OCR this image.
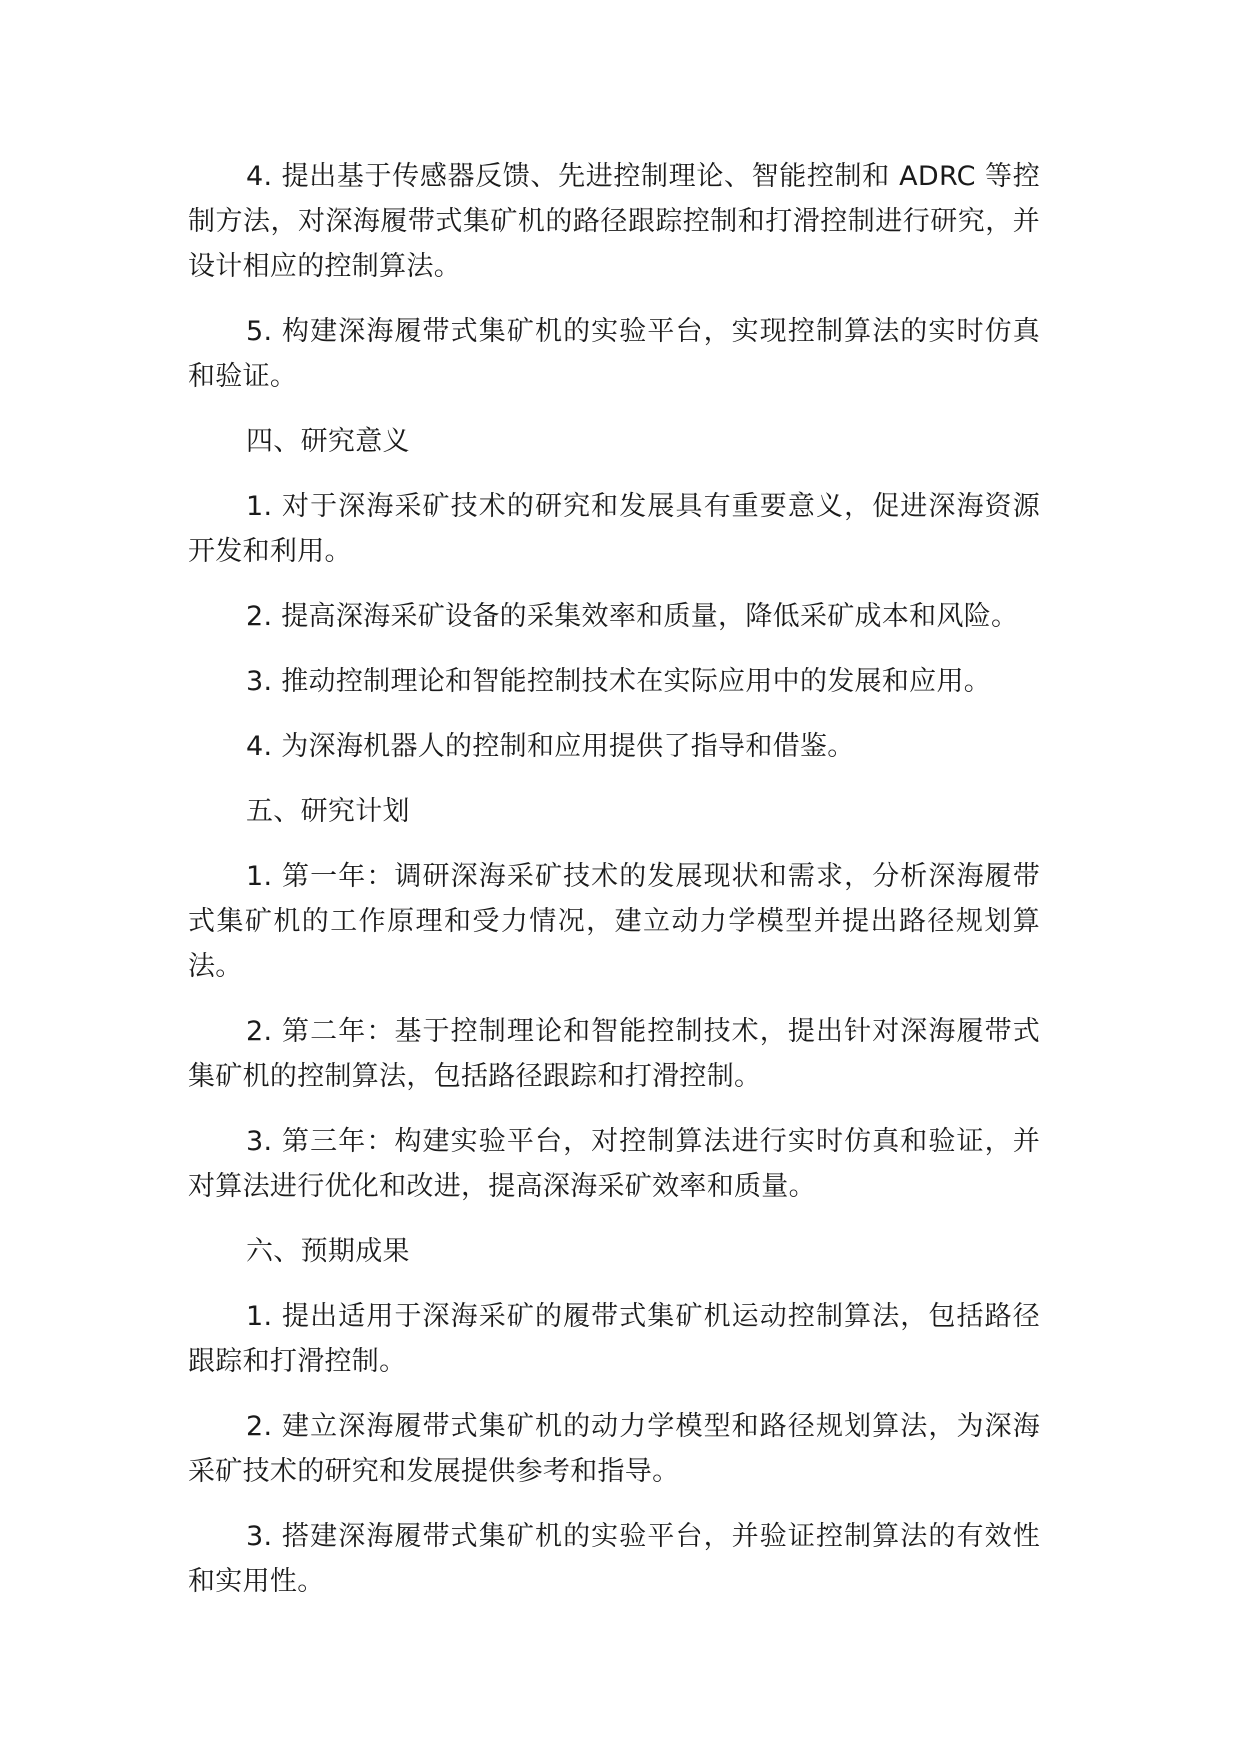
4. 提出基于传感器反馈、先进控制理论、智能控制和 ADRC 等控制方法，对深海履带式集矿机的路径跟踪控制和打滑控制进行研究，并设计相应的控制算法。

5. 构建深海履带式集矿机的实验平台，实现控制算法的实时仿真和验证。

四、研究意义

1. 对于深海采矿技术的研究和发展具有重要意义，促进深海资源开发和利用。

2. 提高深海采矿设备的采集效率和质量，降低采矿成本和风险。

3. 推动控制理论和智能控制技术在实际应用中的发展和应用。

4. 为深海机器人的控制和应用提供了指导和借鉴。

五、研究计划

1. 第一年：调研深海采矿技术的发展现状和需求，分析深海履带式集矿机的工作原理和受力情况，建立动力学模型并提出路径规划算法。

2. 第二年：基于控制理论和智能控制技术，提出针对深海履带式集矿机的控制算法，包括路径跟踪和打滑控制。

3. 第三年：构建实验平台，对控制算法进行实时仿真和验证，并对算法进行优化和改进，提高深海采矿效率和质量。

六、预期成果

1. 提出适用于深海采矿的履带式集矿机运动控制算法，包括路径跟踪和打滑控制。

2. 建立深海履带式集矿机的动力学模型和路径规划算法，为深海采矿技术的研究和发展提供参考和指导。

3. 搭建深海履带式集矿机的实验平台，并验证控制算法的有效性和实用性。
